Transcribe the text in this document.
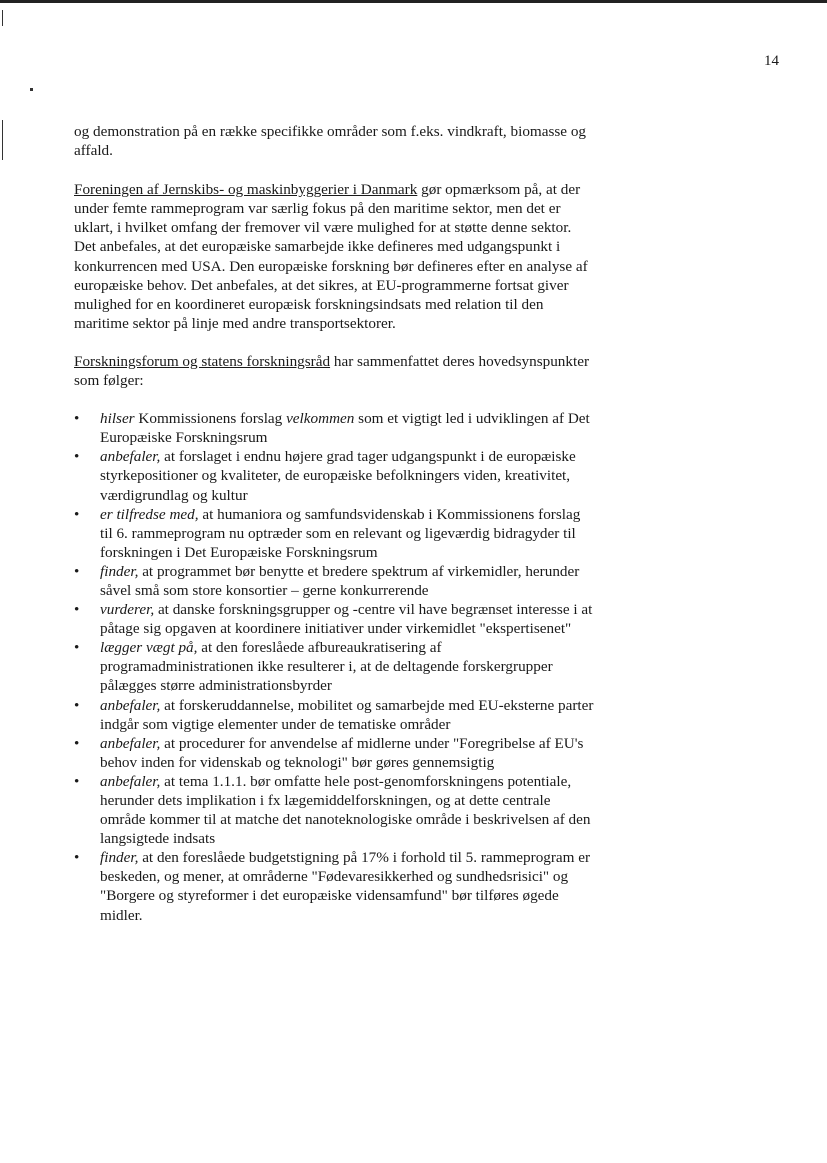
14

og demonstration på en række specifikke områder som f.eks. vindkraft, biomasse og affald.

Foreningen af Jernskibs- og maskinbyggerier i Danmark gør opmærksom på, at der under femte rammeprogram var særlig fokus på den maritime sektor, men det er uklart, i hvilket omfang der fremover vil være mulighed for at støtte denne sektor. Det anbefales, at det europæiske samarbejde ikke defineres med udgangspunkt i konkurrencen med USA. Den europæiske forskning bør defineres efter en analyse af europæiske behov. Det anbefales, at det sikres, at EU-programmerne fortsat giver mulighed for en koordineret europæisk forskningsindsats med relation til den maritime sektor på linje med andre transportsektorer.

Forskningsforum og statens forskningsråd har sammenfattet deres hovedsynspunkter som følger:

• hilser Kommissionens forslag velkommen som et vigtigt led i udviklingen af Det Europæiske Forskningsrum
• anbefaler, at forslaget i endnu højere grad tager udgangspunkt i de europæiske styrkepositioner og kvaliteter, de europæiske befolkningers viden, kreativitet, værdigrundlag og kultur
• er tilfredse med, at humaniora og samfundsvidenskab i Kommissionens forslag til 6. rammeprogram nu optræder som en relevant og ligeværdig bidragyder til forskningen i Det Europæiske Forskningsrum
• finder, at programmet bør benytte et bredere spektrum af virkemidler, herunder såvel små som store konsortier – gerne konkurrerende
• vurderer, at danske forskningsgrupper og -centre vil have begrænset interesse i at påtage sig opgaven at koordinere initiativer under virkemidlet "ekspertisenet"
• lægger vægt på, at den foreslåede afbureaukratisering af programadministrationen ikke resulterer i, at de deltagende forskergrupper pålægges større administrationsbyrder
• anbefaler, at forskeruddannelse, mobilitet og samarbejde med EU-eksterne parter indgår som vigtige elementer under de tematiske områder
• anbefaler, at procedurer for anvendelse af midlerne under "Foregribelse af EU's behov inden for videnskab og teknologi" bør gøres gennemsigtig
• anbefaler, at tema 1.1.1. bør omfatte hele post-genomforskningens potentiale, herunder dets implikation i fx lægemiddelforskningen, og at dette centrale område kommer til at matche det nanoteknologiske område i beskrivelsen af den langsigtede indsats
• finder, at den foreslåede budgetstigning på 17% i forhold til 5. rammeprogram er beskeden, og mener, at områderne "Fødevaresikkerhed og sundhedsrisici" og "Borgere og styreformer i det europæiske vidensamfund" bør tilføres øgede midler.
